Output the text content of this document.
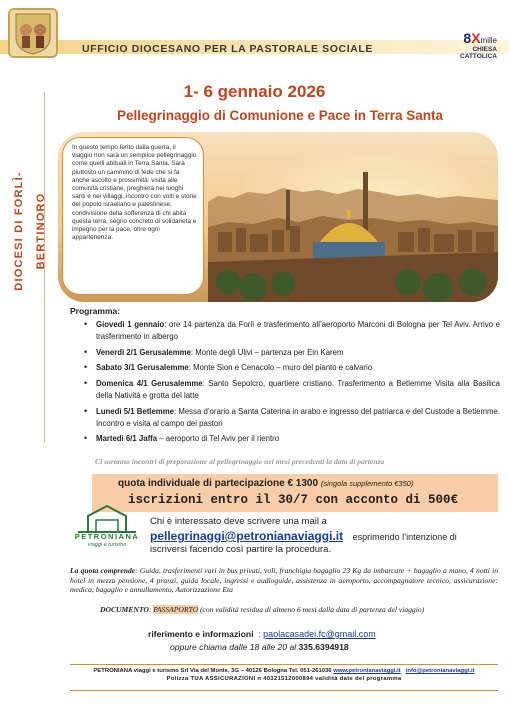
UFFICIO DIOCESANO PER LA PASTORALE SOCIALE
8Xmille
CHIESA
CATTOLICA
DIOCESI DI FORLÌ-BERTINORO
1- 6 gennaio 2026
Pellegrinaggio di Comunione e Pace in Terra Santa
In questo tempo ferito dalla guerra, il viaggio non sarà un semplice pellegrinaggio come quelli abituali in Terra Santa. Sarà piuttosto un cammino di fede che si fa anche ascolto e prossimità: visita alle comunità cristiane, preghiera nei luoghi santi e nei villaggi, incontro con volti e storie del popolo israeliano e palestinese, condivisione della sofferenza di chi abita questa terra, segno concreto di solidarietà e impegno per la pace, oltre ogni appartenenza.
Programma:
• Giovedì 1 gennaio: ore 14 partenza da Forlì e trasferimento all’aeroporto Marconi di Bologna per Tel Aviv. Arrivo e trasferimento in albergo
• Venerdì 2/1 Gerusalemme: Monte degli Ulivi – partenza per Ein Karem
• Sabato 3/1 Gerusalemme: Monte Sion e Cenacolo – muro del pianto e calvario
• Domenica 4/1 Gerusalemme: Santo Sepolcro, quartiere cristiano. Trasferimento a Betlemme Visita alla Basilica della Natività e grotta del latte
• Lunedì 5/1 Betlemme: Messa d’orario a Santa Caterina in arabo e ingresso del patriarca e del Custode a Betlemme. Incontro e visita al campo dei pastori
• Martedì 6/1 Jaffa – aeroporto di Tel Aviv per il rientro
Ci saranno incontri di preparazione al pellegrinaggio nei mesi precedenti la data di partenza
quota individuale di partecipazione € 1300 (singola supplemento €350)
iscrizioni entro il 30/7 con acconto di 500€
PETRONIANA
viaggi e turismo
Chi è interessato deve scrivere una mail a
pellegrinaggi@petronianaviaggi.it esprimendo l’intenzione di
iscriversi facendo così partire la procedura.
La quota comprende: Guida, trasferimenti vari in bus privati, voli, franchigia bagaglio 23 Kg da imbarcare + bagaglio a mano, 4 notti in hotel in mezza pensione, 4 pranzi, guida locale, ingressi e audioguide, assistenza in aeroporto, accompagnatore tecnico, assicurazione: medica, bagaglio e annullamento, Autorizzazione Eta
DOCUMENTO: PASSAPORTO (con validità residua di almeno 6 mesi dalla data di partenza del viaggio)
riferimento e informazioni  : paolacasadei.fc@gmail.com
oppure chiama dalle 18 alle 20 al 335.6394918
PETRONIANA viaggi e turismo Srl Via del Monte, 3G – 40126 Bologna Tel. 051-261036 www.petronianaviaggi.it info@petronianaviaggi.it
Polizza TUA ASSICURAZIONI n 40321512000894 validità date del programma
